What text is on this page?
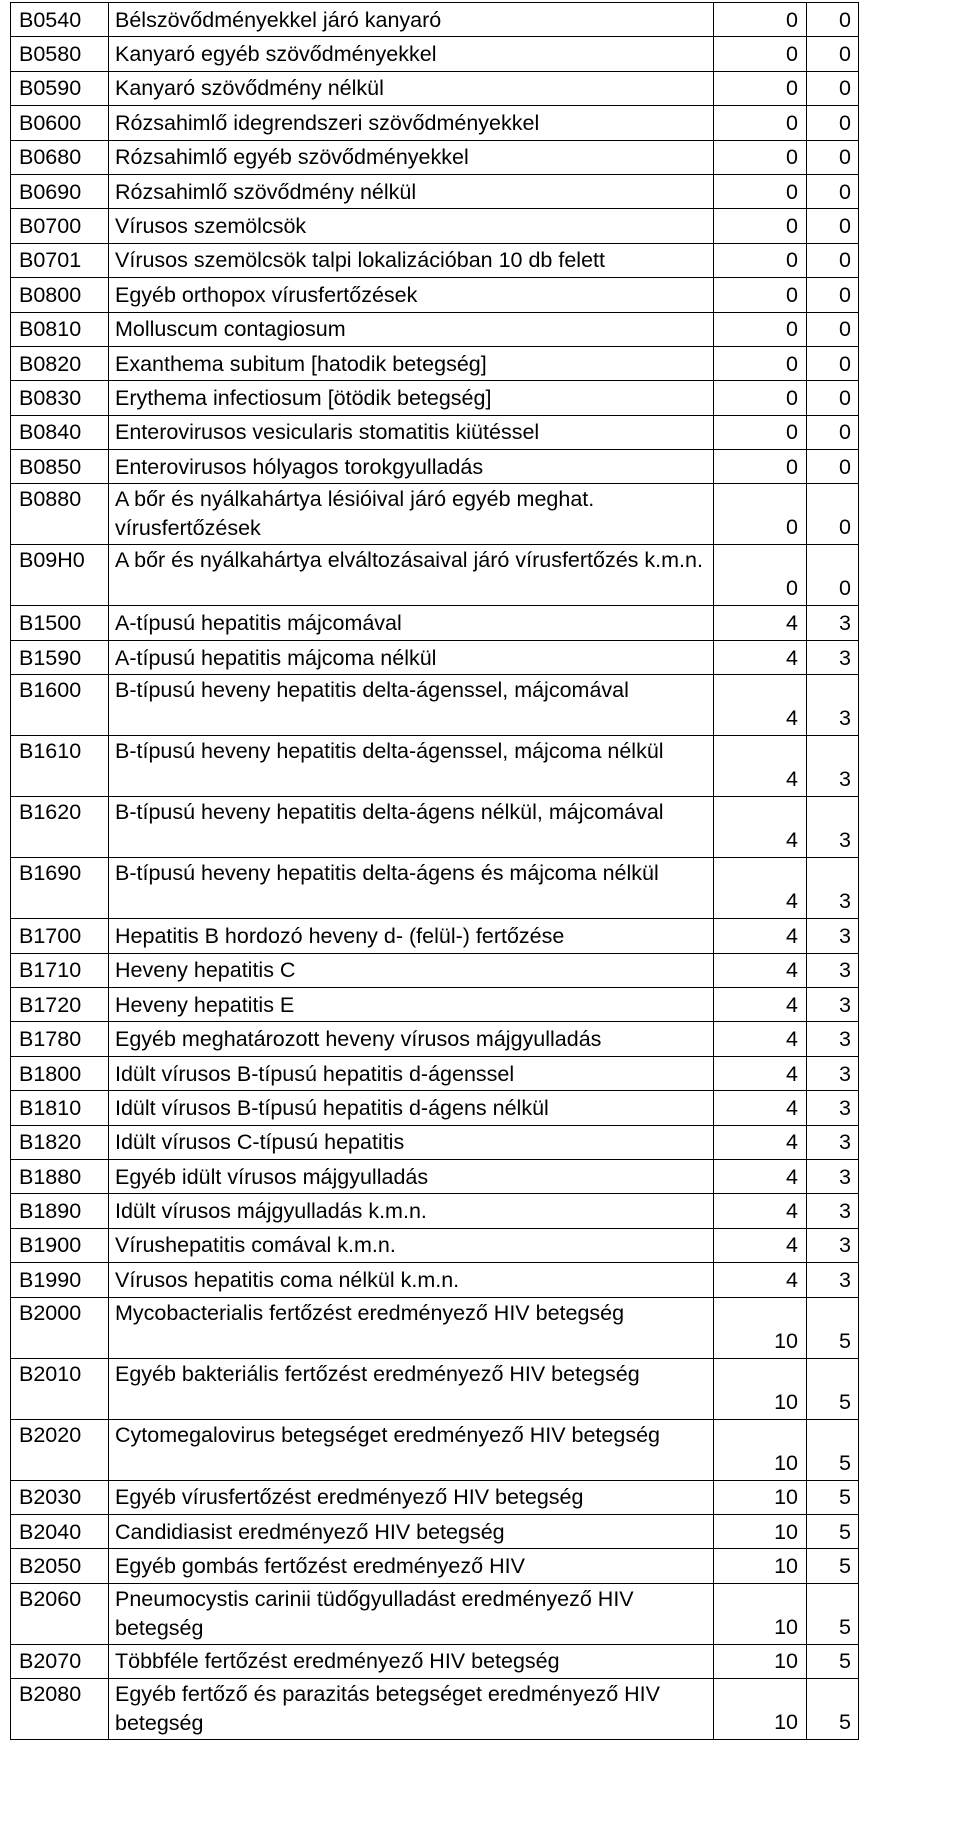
B0540	Bélszövődményekkel járó kanyaró	0	0
B0580	Kanyaró egyéb szövődményekkel	0	0
B0590	Kanyaró szövődmény nélkül	0	0
B0600	Rózsahimlő idegrendszeri szövődményekkel	0	0
B0680	Rózsahimlő egyéb szövődményekkel	0	0
B0690	Rózsahimlő szövődmény nélkül	0	0
B0700	Vírusos szemölcsök	0	0
B0701	Vírusos szemölcsök talpi lokalizációban 10 db felett	0	0
B0800	Egyéb orthopox vírusfertőzések	0	0
B0810	Molluscum contagiosum	0	0
B0820	Exanthema subitum [hatodik betegség]	0	0
B0830	Erythema infectiosum [ötödik betegség]	0	0
B0840	Enterovirusos vesicularis stomatitis kiütéssel	0	0
B0850	Enterovirusos hólyagos torokgyulladás	0	0
B0880	A bőr és nyálkahártya lésióival járó egyéb meghat. vírusfertőzések	0	0
B09H0	A bőr és nyálkahártya elváltozásaival járó vírusfertőzés k.m.n.	0	0
B1500	A-típusú hepatitis májcomával	4	3
B1590	A-típusú hepatitis májcoma nélkül	4	3
B1600	B-típusú heveny hepatitis delta-ágenssel, májcomával	4	3
B1610	B-típusú heveny hepatitis delta-ágenssel, májcoma nélkül	4	3
B1620	B-típusú heveny hepatitis delta-ágens nélkül, májcomával	4	3
B1690	B-típusú heveny hepatitis delta-ágens és májcoma nélkül	4	3
B1700	Hepatitis B hordozó heveny d- (felül-) fertőzése	4	3
B1710	Heveny hepatitis C	4	3
B1720	Heveny hepatitis E	4	3
B1780	Egyéb meghatározott heveny vírusos májgyulladás	4	3
B1800	Idült vírusos B-típusú hepatitis d-ágenssel	4	3
B1810	Idült vírusos B-típusú hepatitis d-ágens nélkül	4	3
B1820	Idült vírusos C-típusú hepatitis	4	3
B1880	Egyéb idült vírusos májgyulladás	4	3
B1890	Idült vírusos májgyulladás k.m.n.	4	3
B1900	Vírushepatitis comával k.m.n.	4	3
B1990	Vírusos hepatitis coma nélkül k.m.n.	4	3
B2000	Mycobacterialis fertőzést eredményező HIV betegség	10	5
B2010	Egyéb bakteriális fertőzést eredményező HIV betegség	10	5
B2020	Cytomegalovirus betegséget eredményező HIV betegség	10	5
B2030	Egyéb vírusfertőzést eredményező HIV betegség	10	5
B2040	Candidiasist eredményező HIV betegség	10	5
B2050	Egyéb gombás fertőzést eredményező HIV	10	5
B2060	Pneumocystis carinii tüdőgyulladást eredményező HIV betegség	10	5
B2070	Többféle fertőzést eredményező HIV betegség	10	5
B2080	Egyéb fertőző és parazitás betegséget eredményező HIV betegség	10	5
